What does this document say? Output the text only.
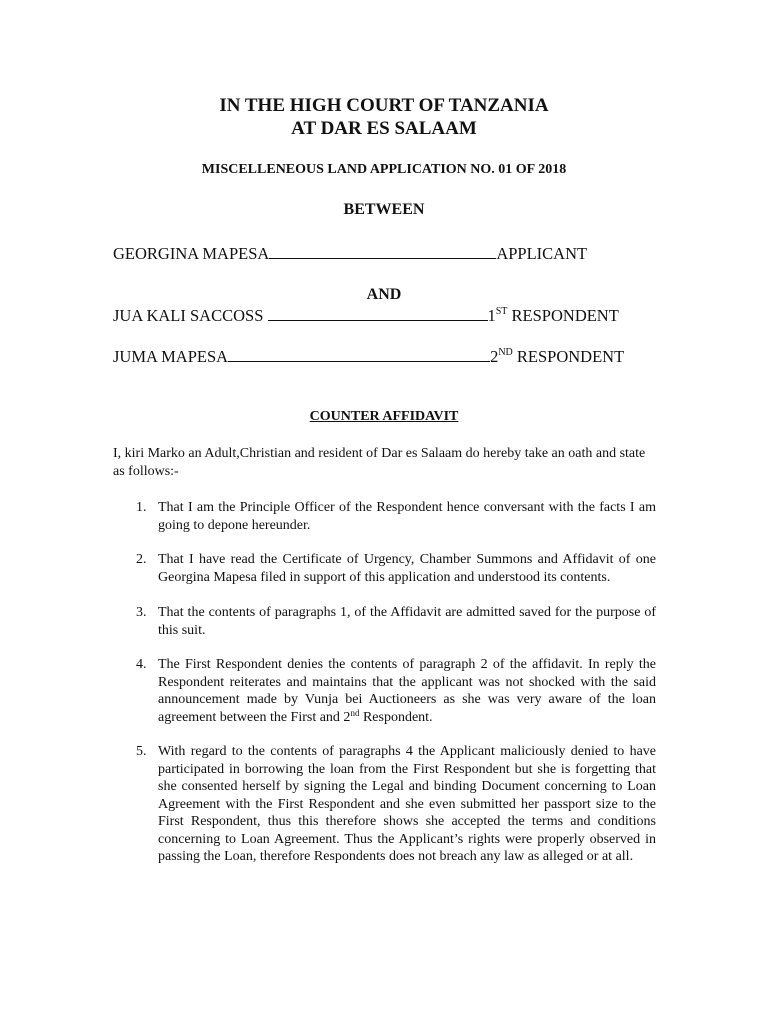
IN THE HIGH COURT OF TANZANIA
AT DAR ES SALAAM
MISCELLENEOUS LAND APPLICATION NO. 01 OF 2018
BETWEEN
GEORGINA MAPESA	APPLICANT
AND
JUA KALI SACCOSS	1ST RESPONDENT
JUMA MAPESA	2ND RESPONDENT
COUNTER AFFIDAVIT
I, kiri Marko an Adult,Christian and resident of Dar es Salaam do hereby take an oath and state as follows:-
1. That I am the Principle Officer of the Respondent hence conversant with the facts I am going to depone hereunder.
2. That I have read the Certificate of Urgency, Chamber Summons and Affidavit of one Georgina Mapesa filed in support of this application and understood its contents.
3. That the contents of paragraphs 1, of the Affidavit are admitted saved for the purpose of this suit.
4. The First Respondent denies the contents of paragraph 2 of the affidavit. In reply the Respondent reiterates and maintains that the applicant was not shocked with the said announcement made by Vunja bei Auctioneers as she was very aware of the loan agreement between the First and 2nd Respondent.
5. With regard to the contents of paragraphs 4 the Applicant maliciously denied to have participated in borrowing the loan from the First Respondent but she is forgetting that she consented herself by signing the Legal and binding Document concerning to Loan Agreement with the First Respondent and she even submitted her passport size to the First Respondent, thus this therefore shows she accepted the terms and conditions concerning to Loan Agreement. Thus the Applicant’s rights were properly observed in passing the Loan, therefore Respondents does not breach any law as alleged or at all.
